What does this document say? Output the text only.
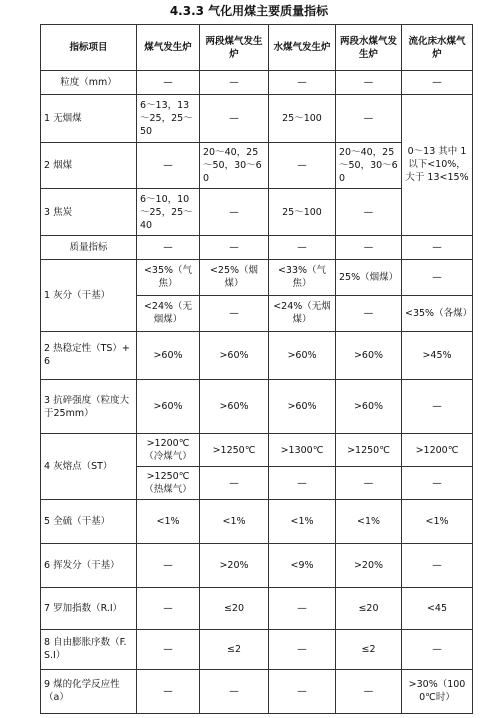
4.3.3 气化用煤主要质量指标
指标项目	煤气发生炉	两段煤气发生炉	水煤气发生炉	两段水煤气发生炉	流化床水煤气炉
粒度（mm）	—	—	—	—	—
1 无烟煤	6～13，13～25，25～50	—	25～100	—	0～13 其中 1 以下<10%，大于 13<15%
2 烟煤	—	20～40，25～50，30～60	—	20～40，25～50，30～60	
3 焦炭	6～10，10～25，25～40	—	25～100	—	
质量指标	—	—	—	—	—
1 灰分（干基）	<35%（气焦）	<25%（烟煤）	<33%（气焦）	25%（烟煤）	—
	<24%（无烟煤）	—	<24%（无烟煤）	—	<35%（各煤）
2 热稳定性（TS）+6	>60%	>60%	>60%	>60%	>45%
3 抗碎强度（粒度大于25mm）	>60%	>60%	>60%	>60%	—
4 灰熔点（ST）	>1200℃（冷煤气）	>1250℃	>1300℃	>1250℃	>1200℃
	>1250℃（热煤气）	—	—	—	—
5 全硫（干基）	<1%	<1%	<1%	<1%	<1%
6 挥发分（干基）	—	>20%	<9%	>20%	—
7 罗加指数（R.I）	—	≤20	—	≤20	<45
8 自由膨胀序数（F.S.I）	—	≤2	—	≤2	—
9 煤的化学反应性（a）	—	—	—	—	>30%（1000℃时）
